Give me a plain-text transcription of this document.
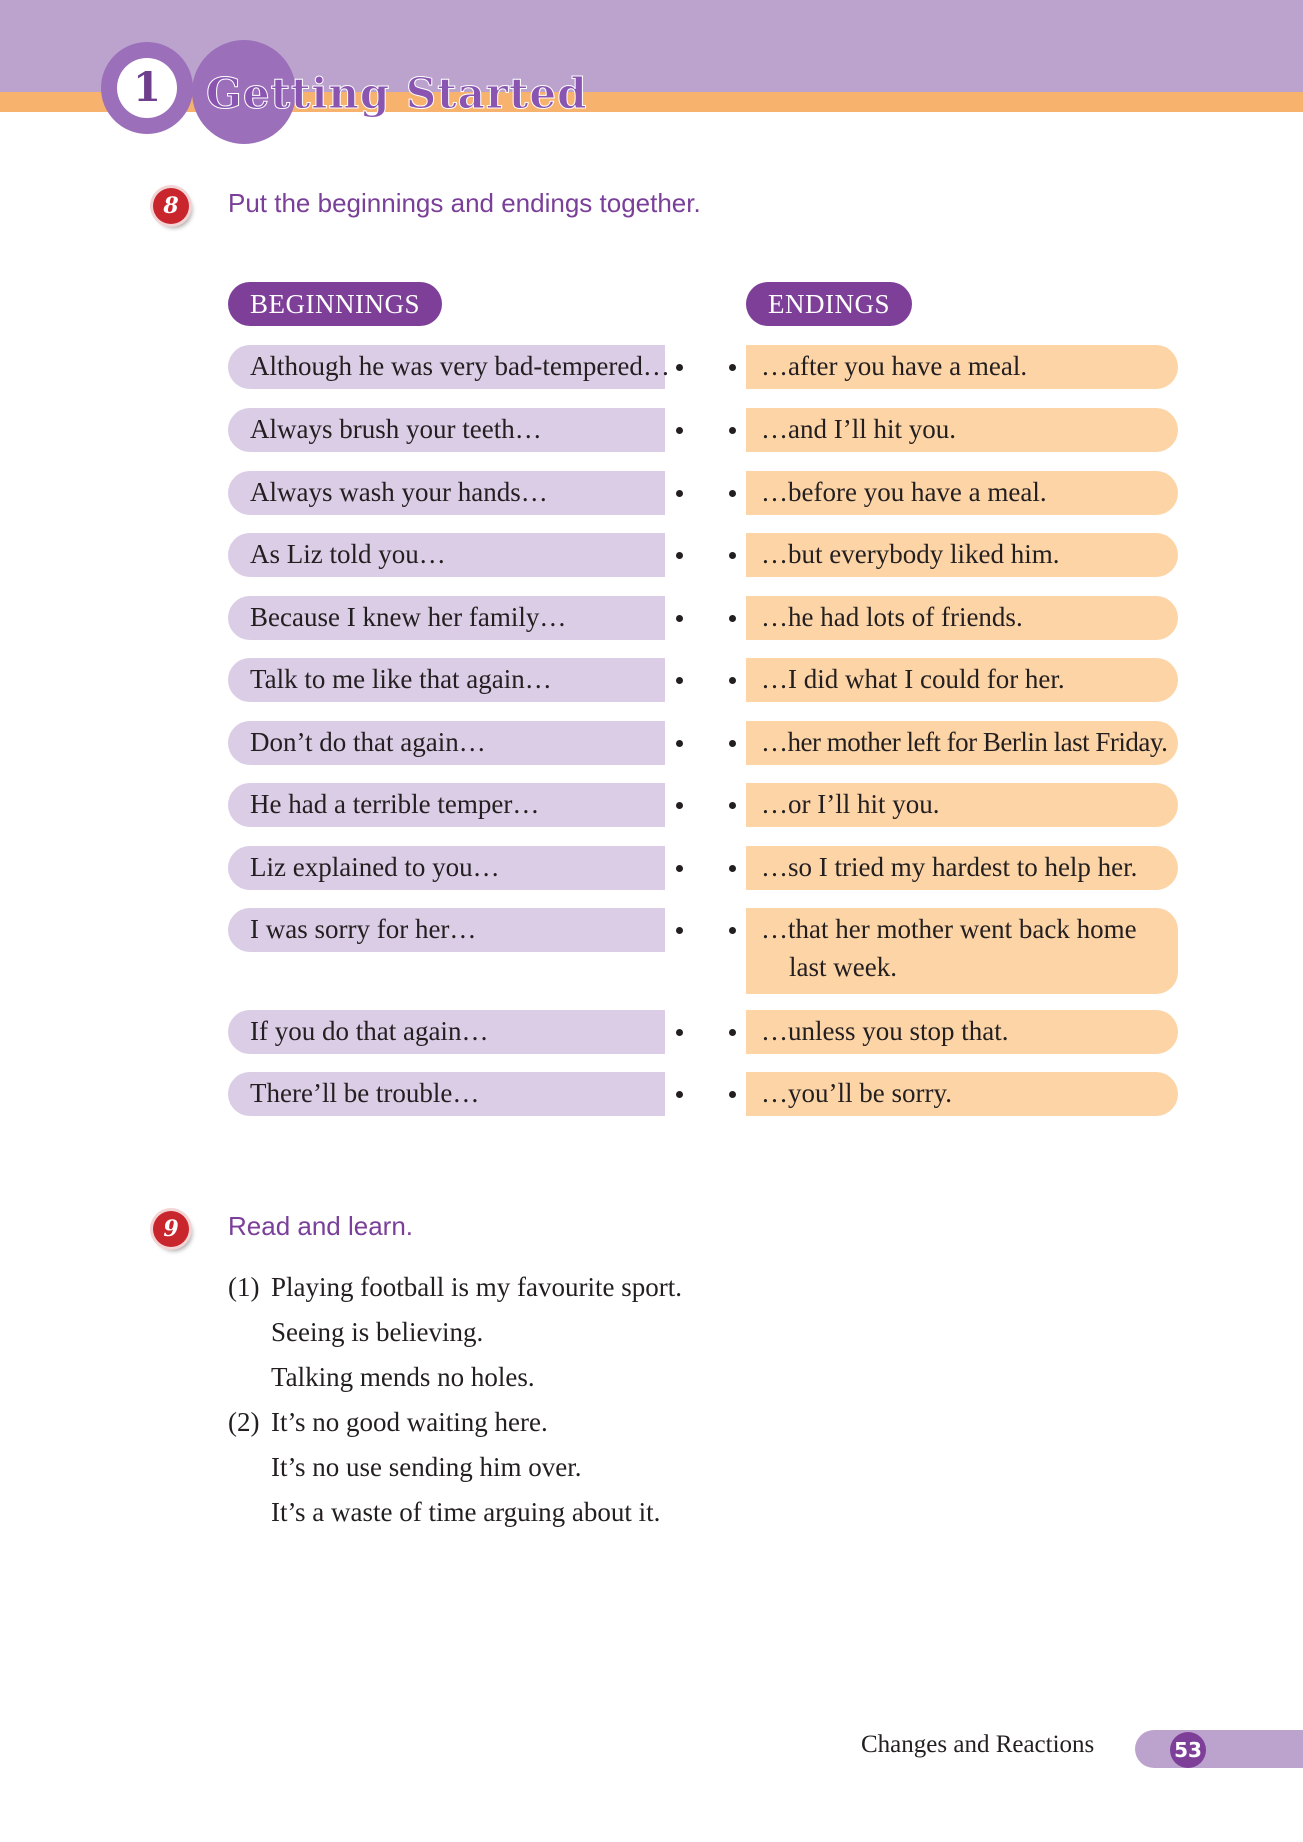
1	Getting Started
8	Put the beginnings and endings together.

BEGINNINGS	ENDINGS
Although he was very bad-tempered…	…after you have a meal.
Always brush your teeth…	…and I’ll hit you.
Always wash your hands…	…before you have a meal.
As Liz told you…	…but everybody liked him.
Because I knew her family…	…he had lots of friends.
Talk to me like that again…	…I did what I could for her.
Don’t do that again…	…her mother left for Berlin last Friday.
He had a terrible temper…	…or I’ll hit you.
Liz explained to you…	…so I tried my hardest to help her.
I was sorry for her…	…that her mother went back home
last week.
If you do that again…	…unless you stop that.
There’ll be trouble…	…you’ll be sorry.
9	Read and learn.

(1) Playing football is my favourite sport.

Seeing is believing.

Talking mends no holes.

(2) It’s no good waiting here.

It’s no use sending him over.

It’s a waste of time arguing about it.

Changes and Reactions	53
